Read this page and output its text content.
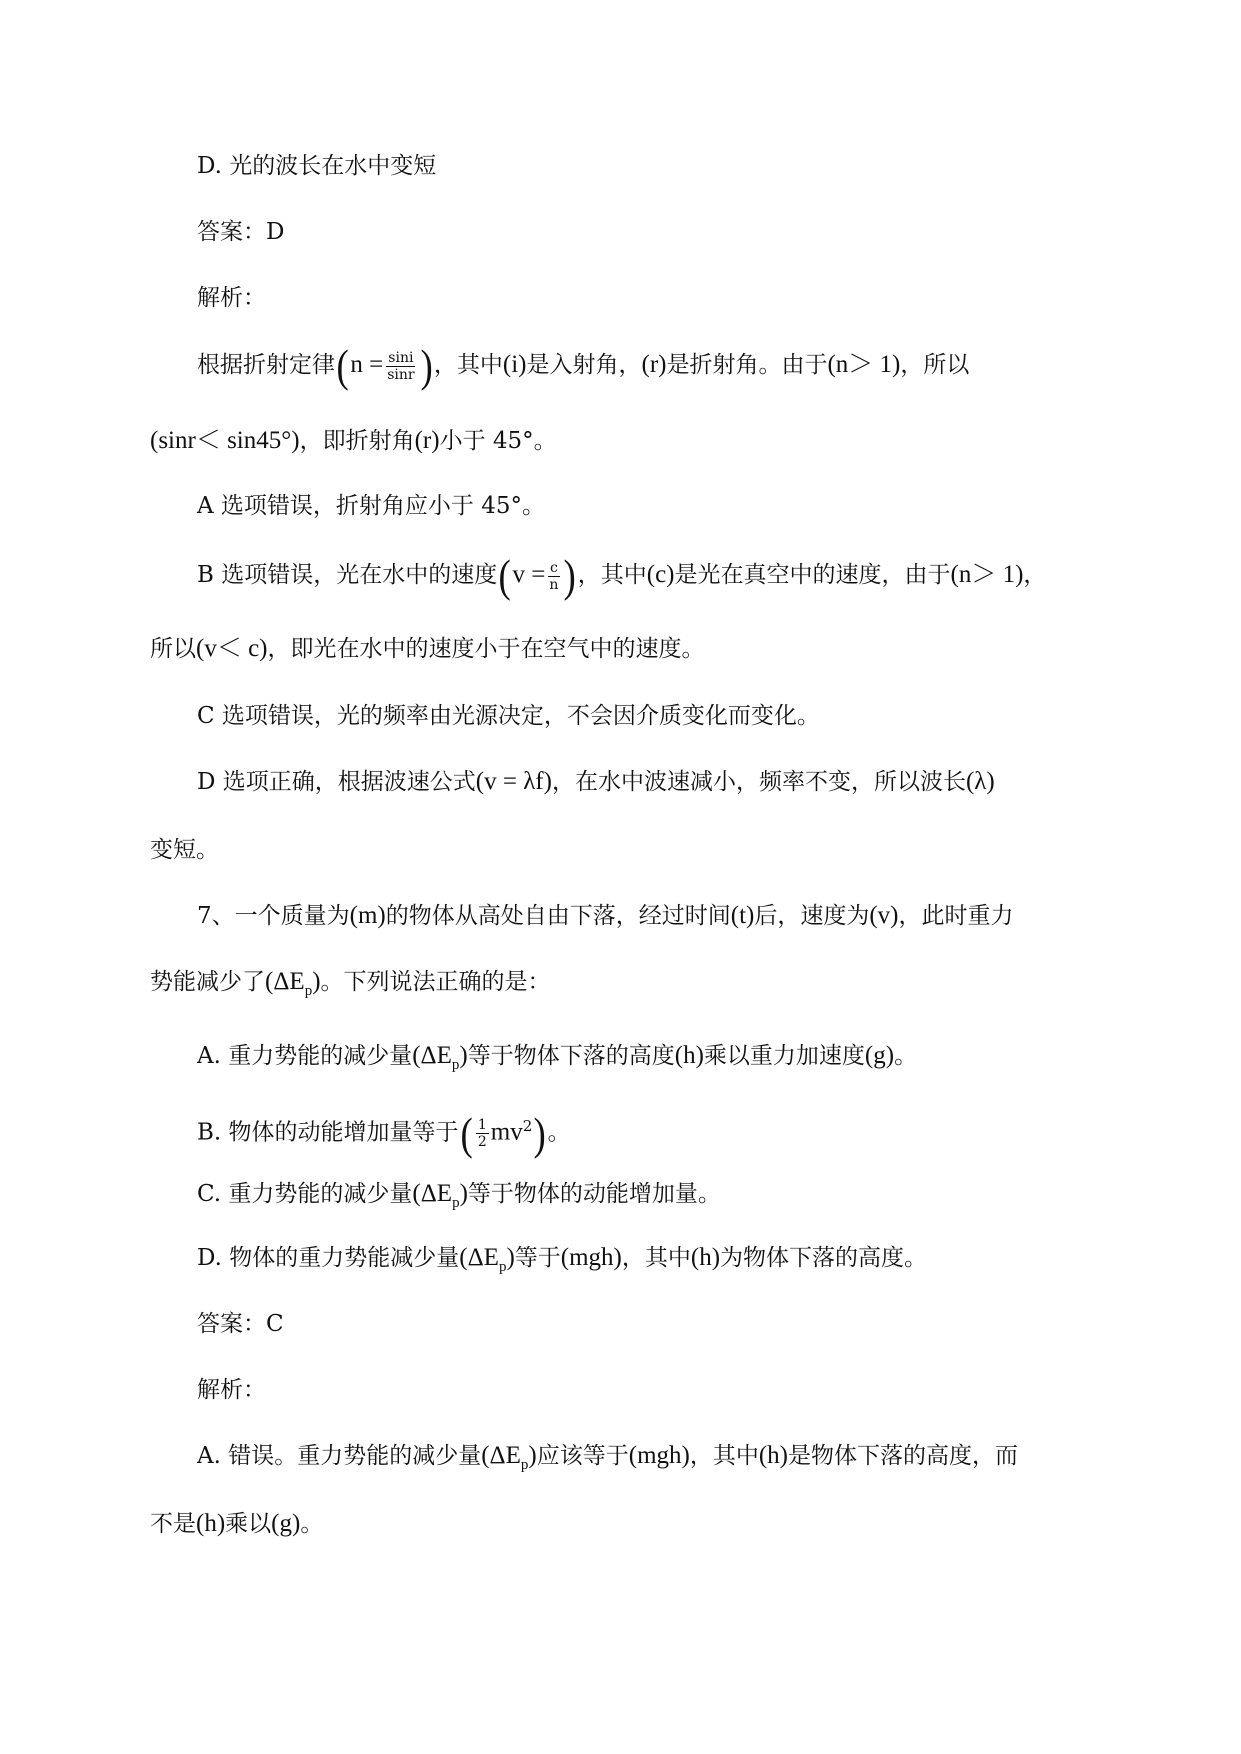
D. 光的波长在水中变短
答案：D
解析：
根据折射定律($n = \frac{\sin i}{\sin r}$ )，其中(i)是入射角，(r)是折射角。由于(n＞ 1)，所以
(sinr＜ sin45°)，即折射角(r)小于 45°。
A 选项错误，折射角应小于 45°。
B 选项错误，光在水中的速度($v = \frac{c}{n}$ )，其中(c)是光在真空中的速度，由于(n＞ 1)，
所以(v＜ c)，即光在水中的速度小于在空气中的速度。
C 选项错误，光的频率由光源决定，不会因介质变化而变化。
D 选项正确，根据波速公式(v = λf)，在水中波速减小，频率不变，所以波长(λ)
变短。
7、一个质量为(m)的物体从高处自由下落，经过时间(t)后，速度为(v)，此时重力
势能减少了$(\Delta E_p)$。下列说法正确的是：
A. 重力势能的减少量$(\Delta E_p)$等于物体下落的高度(h)乘以重力加速度(g)。
B. 物体的动能增加量等于( $\frac{1}{2} mv^2$)。
C. 重力势能的减少量$(\Delta E_p)$等于物体的动能增加量。
D. 物体的重力势能减少量$(\Delta E_p)$等于(mgh)，其中(h)为物体下落的高度。
答案：C
解析：
A. 错误。重力势能的减少量$(\Delta E_p)$应该等于(mgh)，其中(h)是物体下落的高度，而
不是(h)乘以(g)。
